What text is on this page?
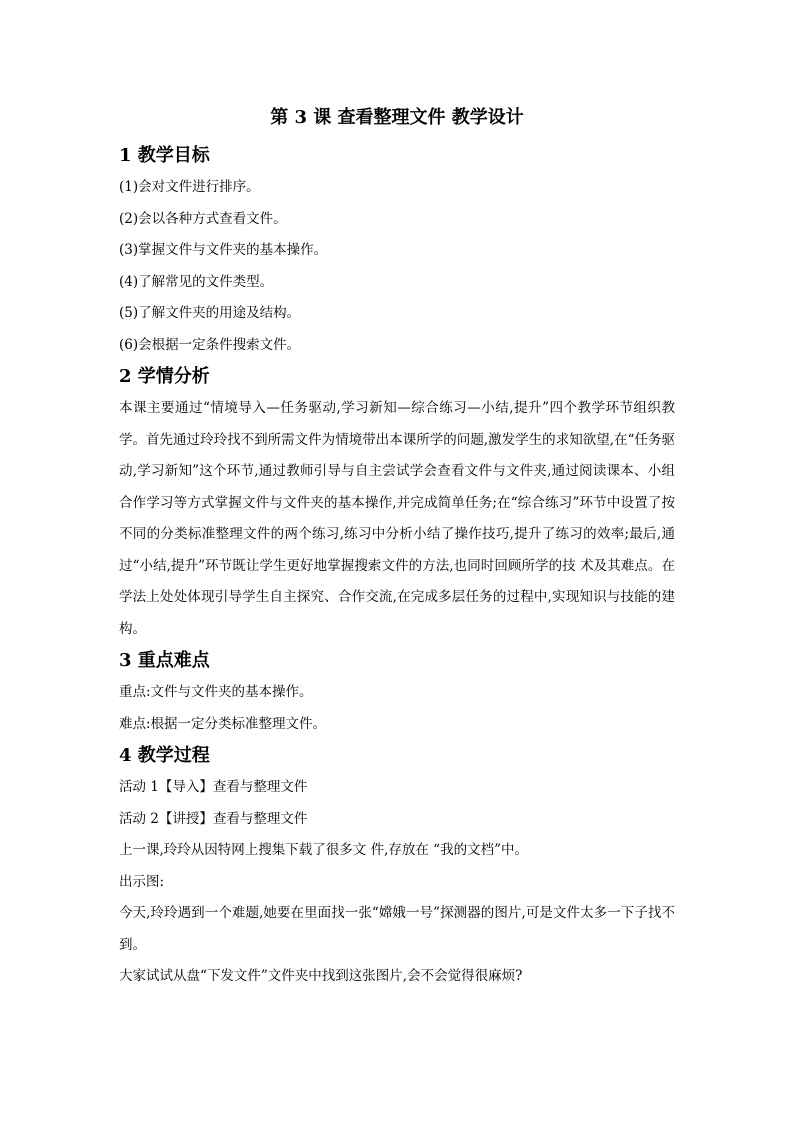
第 3 课 查看整理文件 教学设计
1 教学目标
(1)会对文件进行排序。
(2)会以各种方式查看文件。
(3)掌握文件与文件夹的基本操作。
(4)了解常见的文件类型。
(5)了解文件夹的用途及结构。
(6)会根据一定条件搜索文件。
2 学情分析

本课主要通过“情境导入—任务驱动,学习新知—综合练习—小结,提升”四个教学环节组织教学。首先通过玲玲找不到所需文件为情境带出本课所学的问题,激发学生的求知欲望,在“任务驱动,学习新知”这个环节,通过教师引导与自主尝试学会查看文件与文件夹,通过阅读课本、小组合作学习等方式掌握文件与文件夹的基本操作,并完成简单任务;在“综合练习”环节中设置了按不同的分类标准整理文件的两个练习,练习中分析小结了操作技巧,提升了练习的效率;最后,通过“小结,提升”环节既让学生更好地掌握搜索文件的方法,也同时回顾所学的技 术及其难点。在学法上处处体现引导学生自主探究、合作交流,在完成多层任务的过程中,实现知识与技能的建构。

3 重点难点

重点:文件与文件夹的基本操作。

难点:根据一定分类标准整理文件。

4 教学过程

活动 1【导入】查看与整理文件

活动 2【讲授】查看与整理文件

上一课,玲玲从因特网上搜集下载了很多文 件,存放在 “我的文档”中。

出示图:

今天,玲玲遇到一个难题,她要在里面找一张“嫦娥一号”探测器的图片,可是文件太多一下子找不到。

大家试试从盘“下发文件”文件夹中找到这张图片,会不会觉得很麻烦?
